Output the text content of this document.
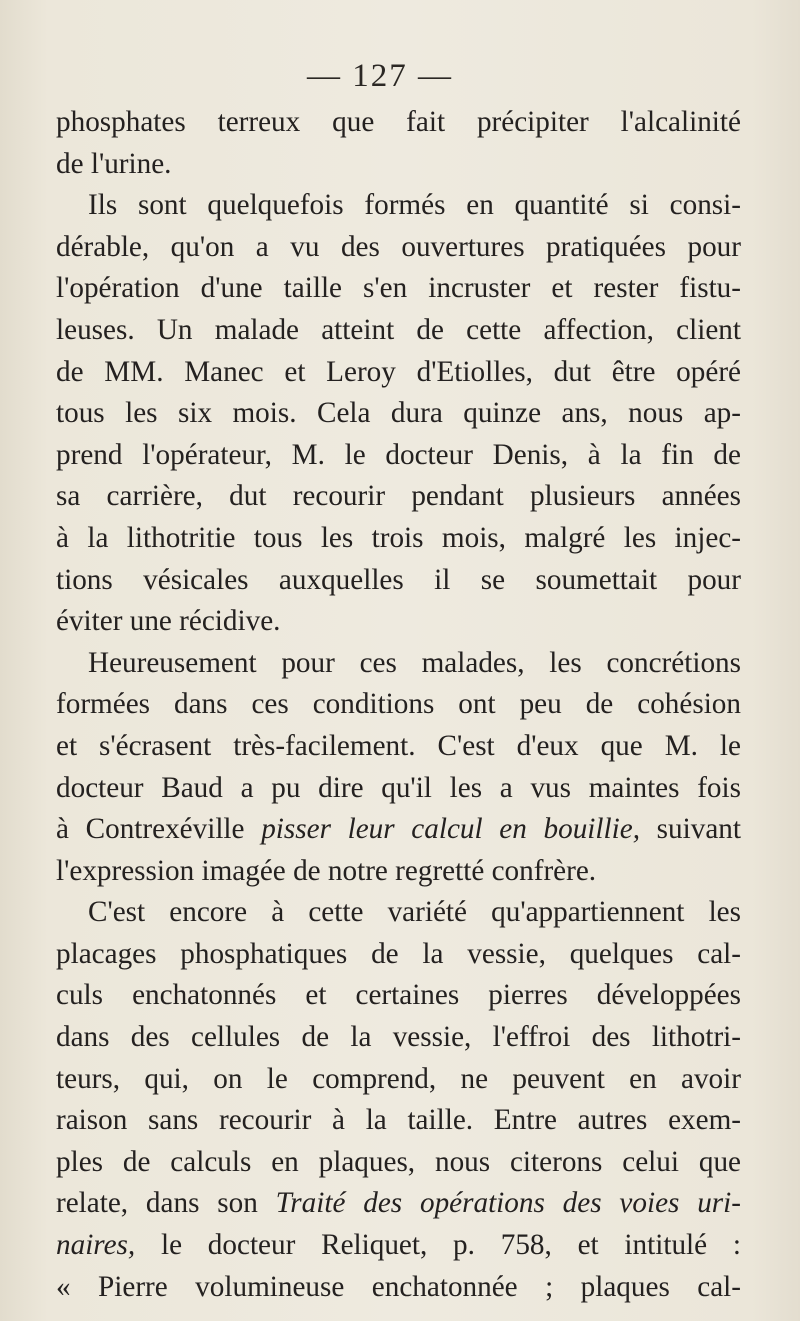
— 127 —
phosphates terreux que fait précipiter l'alcalinité
de l'urine.
Ils sont quelquefois formés en quantité si consi-
dérable, qu'on a vu des ouvertures pratiquées pour
l'opération d'une taille s'en incruster et rester fistu-
leuses. Un malade atteint de cette affection, client
de MM. Manec et Leroy d'Etiolles, dut être opéré
tous les six mois. Cela dura quinze ans, nous ap-
prend l'opérateur, M. le docteur Denis, à la fin de
sa carrière, dut recourir pendant plusieurs années
à la lithotritie tous les trois mois, malgré les injec-
tions vésicales auxquelles il se soumettait pour
éviter une récidive.
Heureusement pour ces malades, les concrétions
formées dans ces conditions ont peu de cohésion
et s'écrasent très-facilement. C'est d'eux que M. le
docteur Baud a pu dire qu'il les a vus maintes fois
à Contrexéville pisser leur calcul en bouillie, suivant
l'expression imagée de notre regretté confrère.
C'est encore à cette variété qu'appartiennent les
placages phosphatiques de la vessie, quelques cal-
culs enchatonnés et certaines pierres développées
dans des cellules de la vessie, l'effroi des lithotri-
teurs, qui, on le comprend, ne peuvent en avoir
raison sans recourir à la taille. Entre autres exem-
ples de calculs en plaques, nous citerons celui que
relate, dans son Traité des opérations des voies uri-
naires, le docteur Reliquet, p. 758, et intitulé :
« Pierre volumineuse enchatonnée ; plaques cal-
